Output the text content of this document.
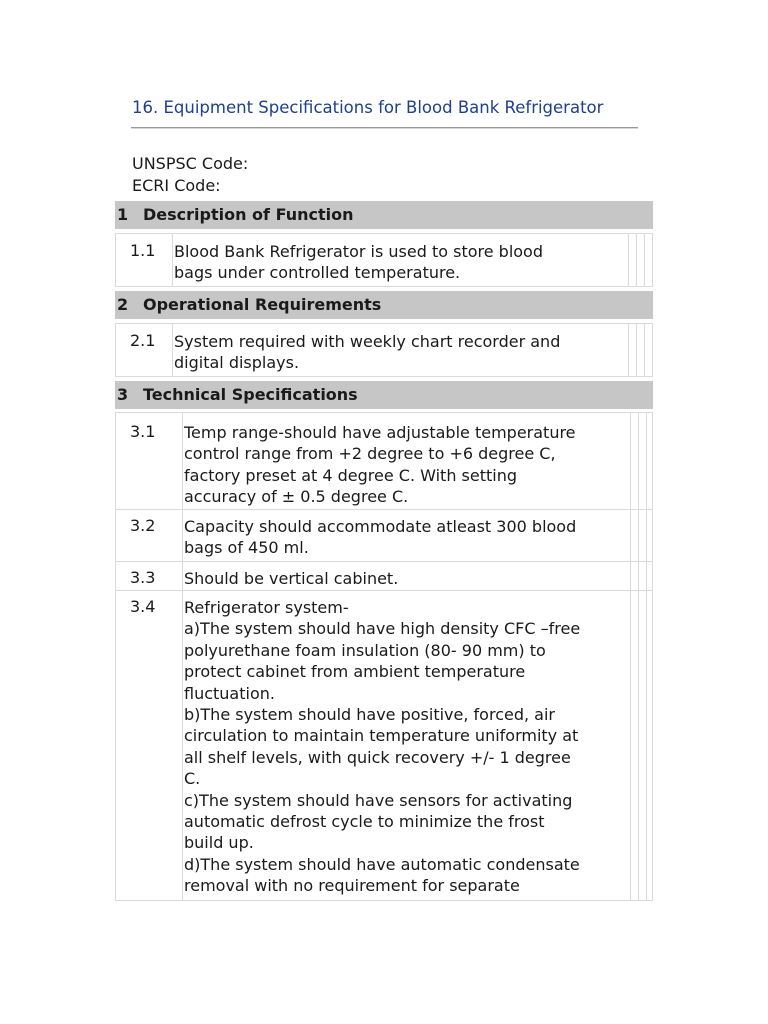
16. Equipment Specifications for Blood Bank Refrigerator
UNSPSC Code:
ECRI Code:
1 Description of Function
1.1 Blood Bank Refrigerator is used to store blood
bags under controlled temperature.
2 Operational Requirements
2.1 System required with weekly chart recorder and
digital displays.
3 Technical Specifications
3.1 Temp range-should have adjustable temperature
control range from +2 degree to +6 degree C,
factory preset at 4 degree C. With setting
accuracy of ± 0.5 degree C.
3.2 Capacity should accommodate atleast 300 blood
bags of 450 ml.
3.3 Should be vertical cabinet.
3.4 Refrigerator system-
a)The system should have high density CFC –free
polyurethane foam insulation (80- 90 mm) to
protect cabinet from ambient temperature
fluctuation.
b)The system should have positive, forced, air
circulation to maintain temperature uniformity at
all shelf levels, with quick recovery +/- 1 degree
C.
c)The system should have sensors for activating
automatic defrost cycle to minimize the frost
build up.
d)The system should have automatic condensate
removal with no requirement for separate
